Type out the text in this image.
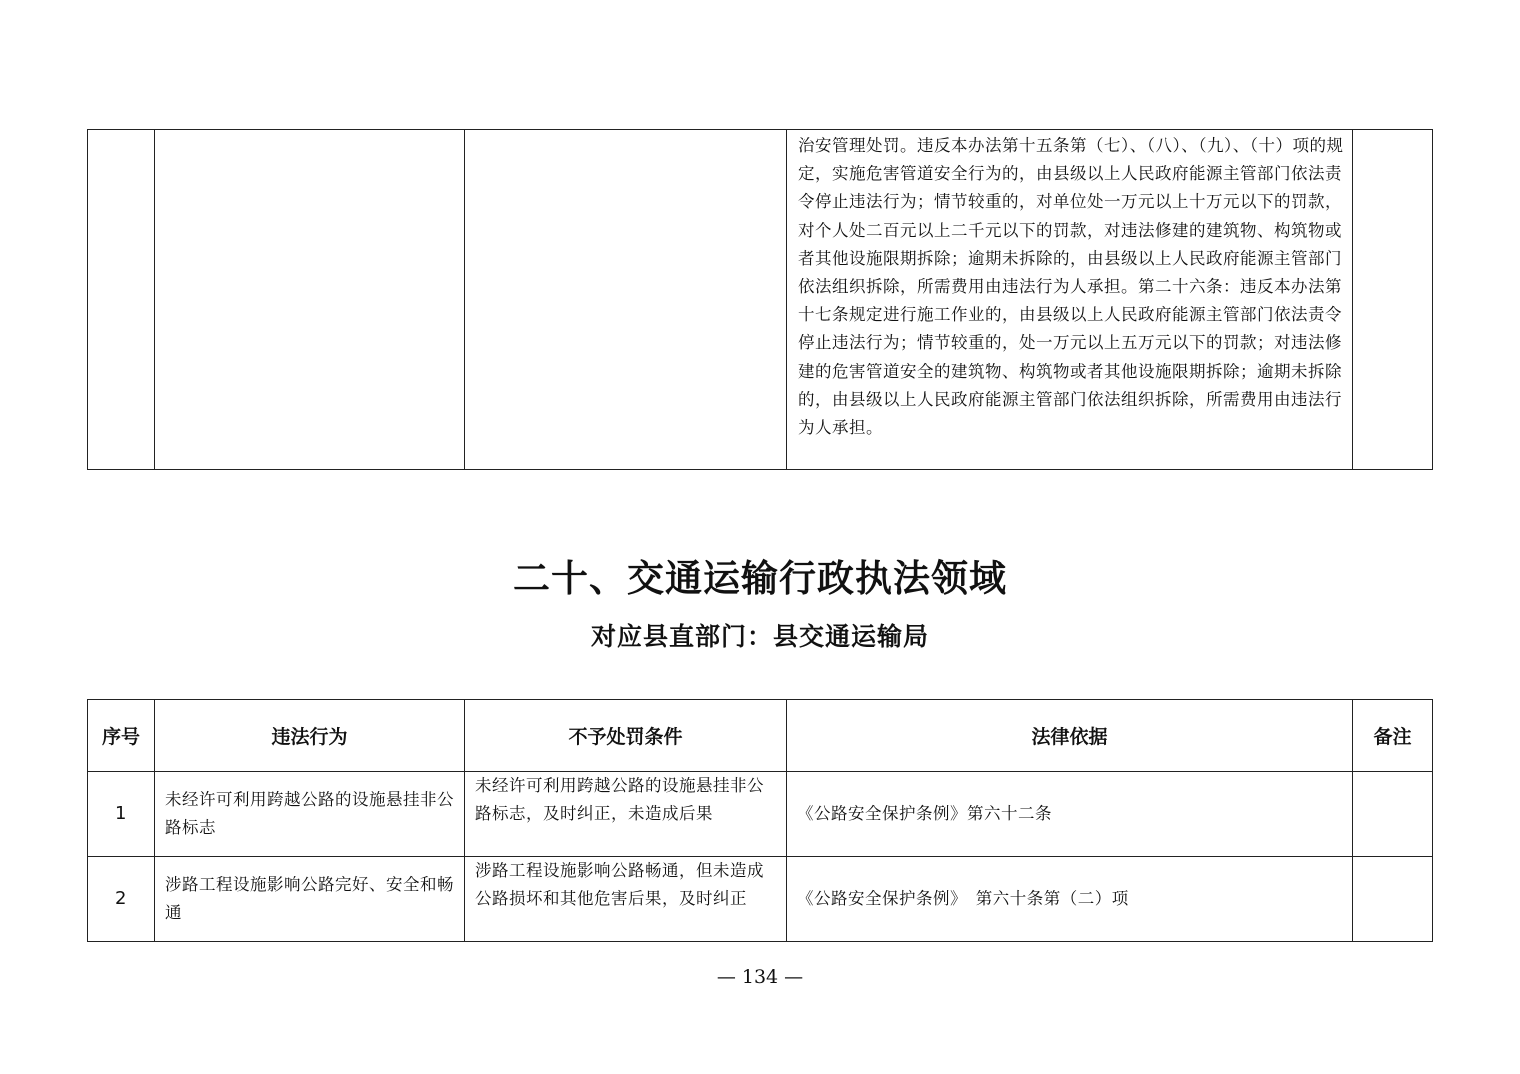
治安管理处罚。违反本办法第十五条第（七）、（八）、（九）、（十）项的规定，实施危害管道安全行为的，由县级以上人民政府能源主管部门依法责令停止违法行为；情节较重的，对单位处一万元以上十万元以下的罚款，对个人处二百元以上二千元以下的罚款，对违法修建的建筑物、构筑物或者其他设施限期拆除；逾期未拆除的，由县级以上人民政府能源主管部门依法组织拆除，所需费用由违法行为人承担。第二十六条：违反本办法第十七条规定进行施工作业的，由县级以上人民政府能源主管部门依法责令停止违法行为；情节较重的，处一万元以上五万元以下的罚款；对违法修建的危害管道安全的建筑物、构筑物或者其他设施限期拆除；逾期未拆除的，由县级以上人民政府能源主管部门依法组织拆除，所需费用由违法行为人承担。

二十、交通运输行政执法领域
对应县直部门：县交通运输局
序号	违法行为	不予处罚条件	法律依据	备注
1	未经许可利用跨越公路的设施悬挂非公路标志	未经许可利用跨越公路的设施悬挂非公路标志，及时纠正，未造成后果	《公路安全保护条例》第六十二条	
2	涉路工程设施影响公路完好、安全和畅通	涉路工程设施影响公路畅通，但未造成公路损坏和其他危害后果，及时纠正	《公路安全保护条例》　第六十条第（二）项	

— 134 —
